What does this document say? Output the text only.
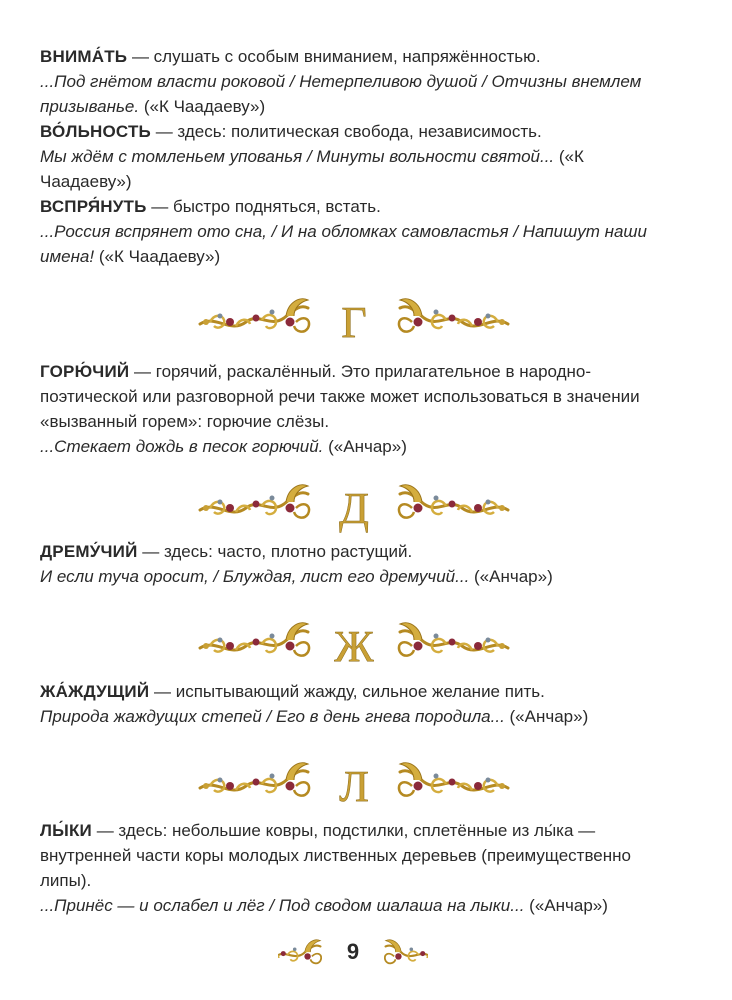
ВНИМА́ТЬ — слушать с особым вниманием, напряжённостью.
...Под гнётом власти роковой / Нетерпеливою душой / Отчизны внемлем призыванье. («К Чаадаеву»)
ВО́ЛЬНОСТЬ — здесь: политическая свобода, независимость.
Мы ждём с томленьем упованья / Минуты вольности святой... («К Чаадаеву»)
ВСПРЯ́НУТЬ — быстро подняться, встать.
...Россия вспрянет ото сна, / И на обломках самовластья / Напишут наши имена! («К Чаадаеву»)
Г
ГОРЮ́ЧИЙ — горячий, раскалённый. Это прилагательное в народно-поэтической или разговорной речи также может использоваться в значении «вызванный горем»: горючие слёзы.
...Стекает дождь в песок горючий. («Анчар»)
Д
ДРЕМУ́ЧИЙ — здесь: часто, плотно растущий.
И если туча оросит, / Блуждая, лист его дремучий... («Анчар»)
Ж
ЖА́ЖДУЩИЙ — испытывающий жажду, сильное желание пить.
Природа жаждущих степей / Его в день гнева породила... («Анчар»)
Л
ЛЫ́КИ — здесь: небольшие ковры, подстилки, сплетённые из лы́ка — внутренней части коры молодых лиственных деревьев (преимущественно липы).
...Принёс — и ослабел и лёг / Под сводом шалаша на лыки... («Анчар»)
9
